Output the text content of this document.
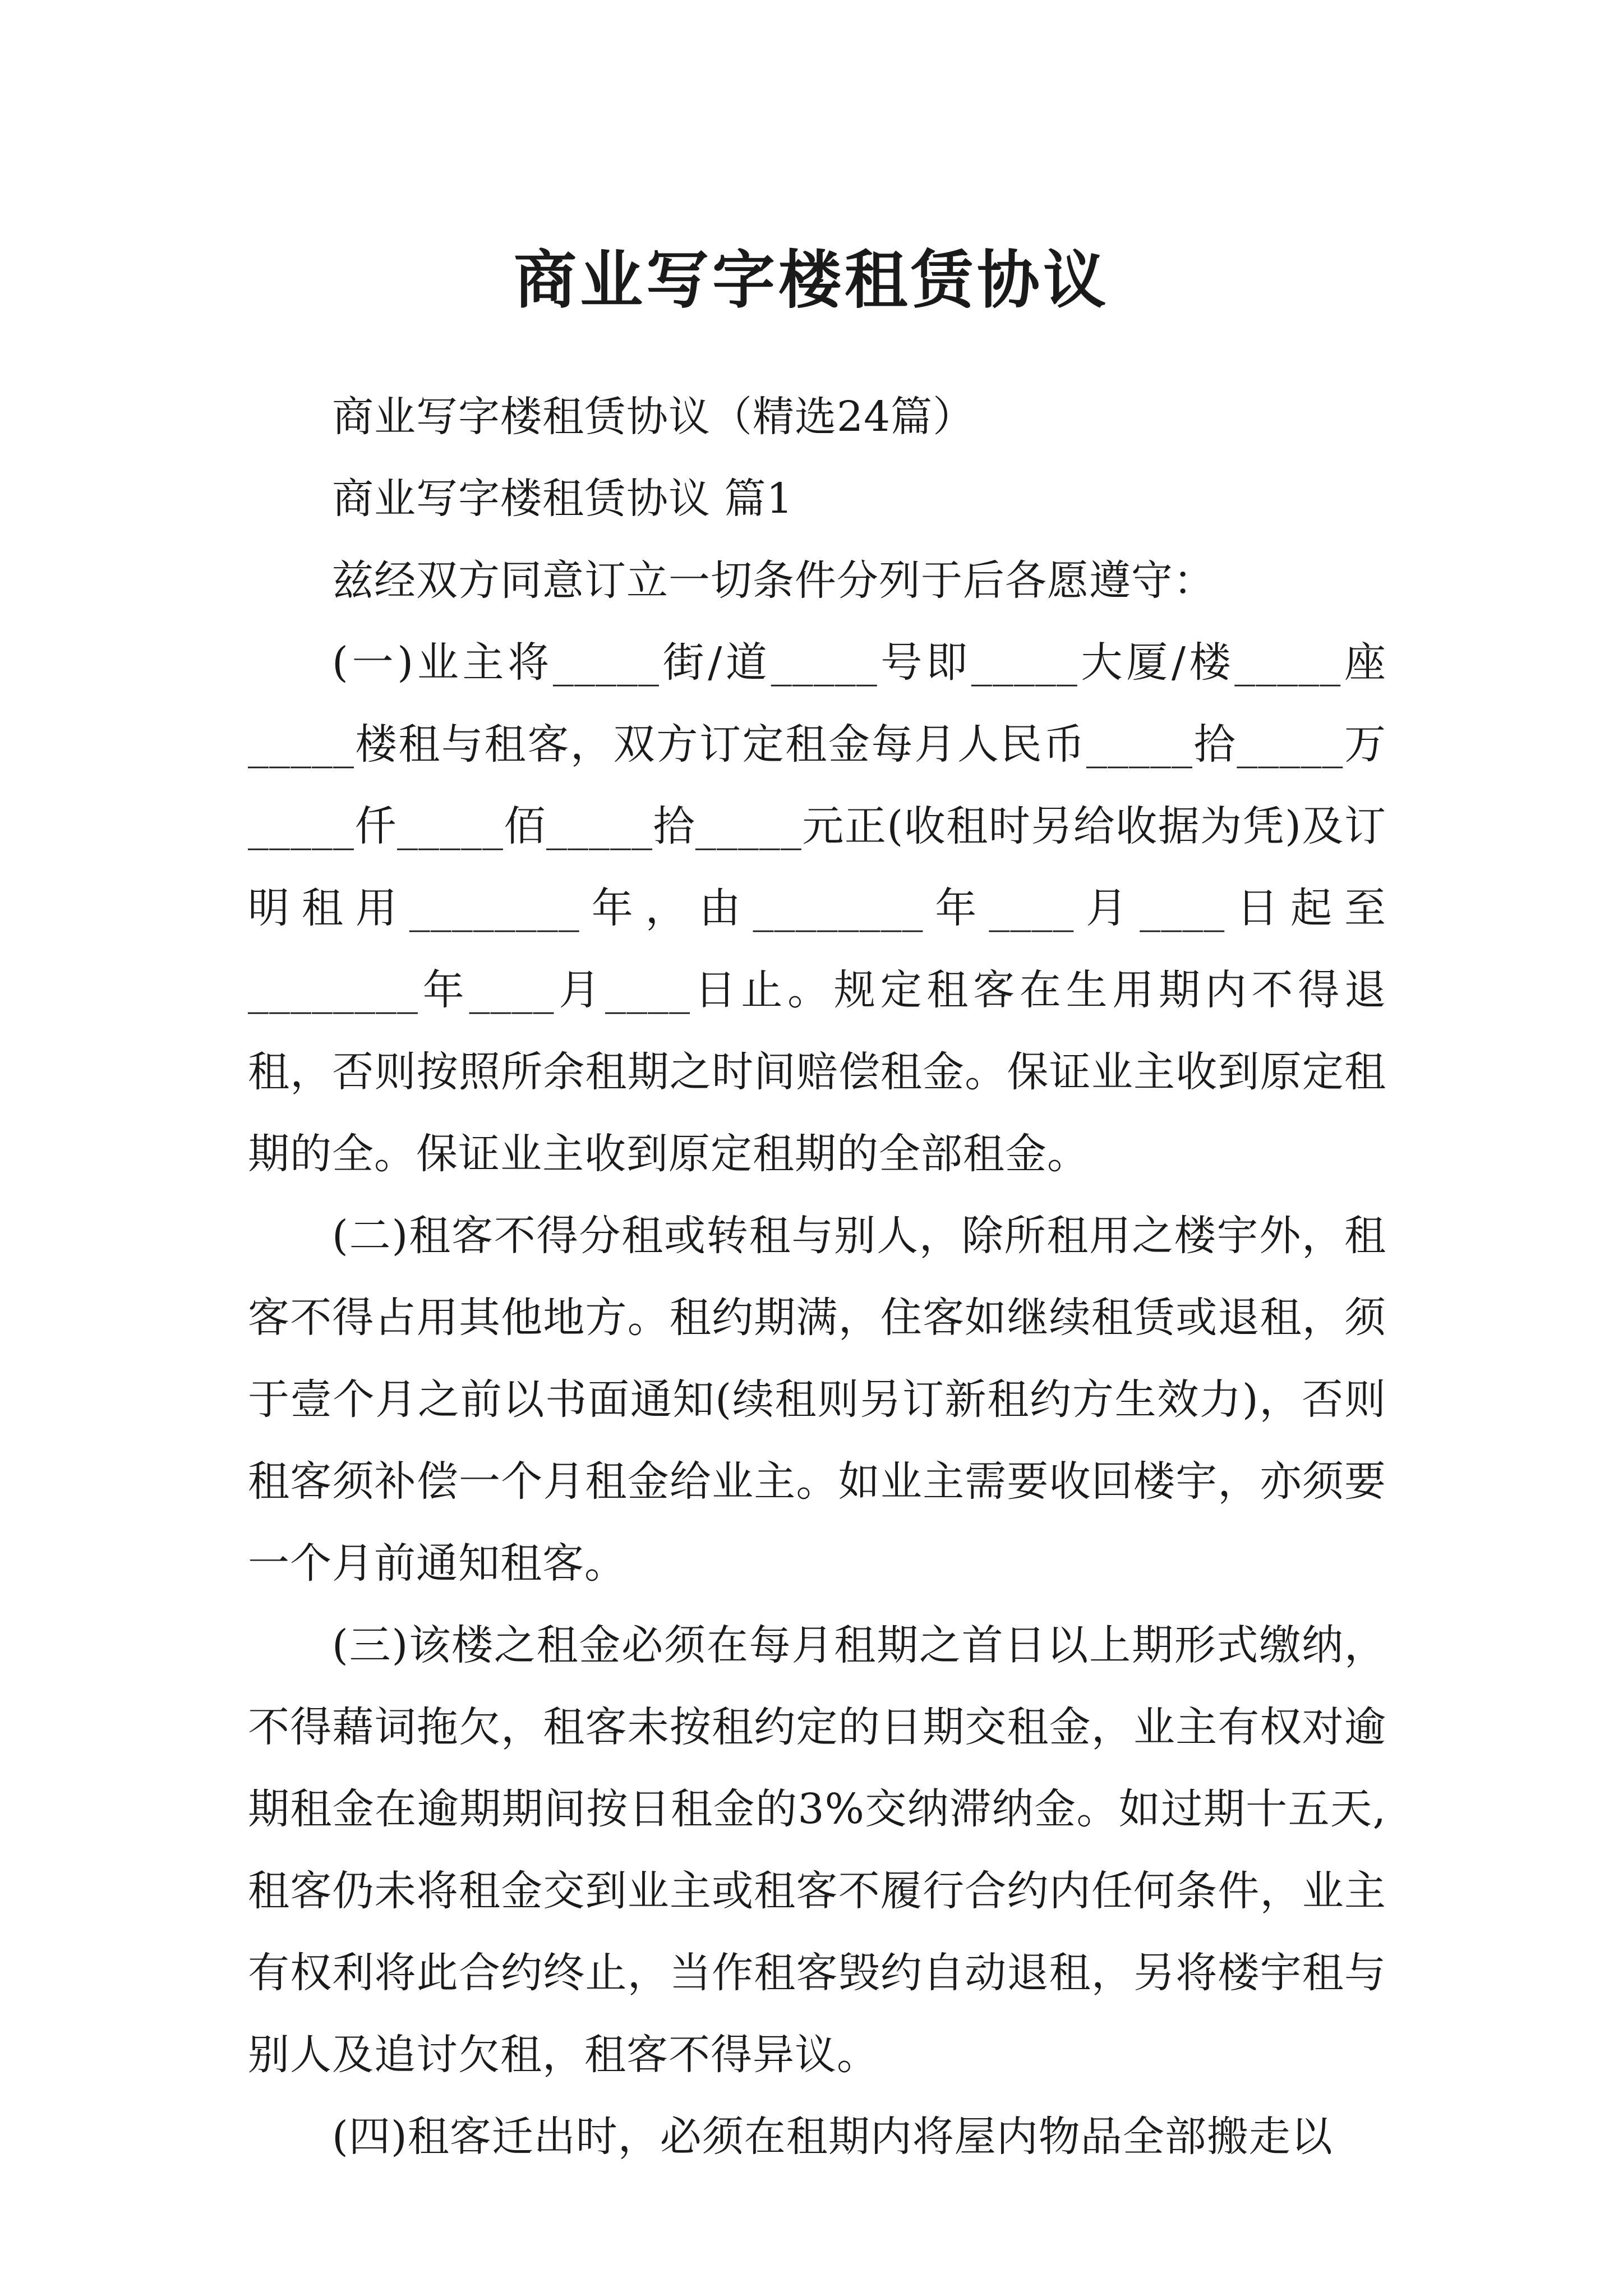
商业写字楼租赁协议

商业写字楼租赁协议（精选24篇）

商业写字楼租赁协议 篇1

兹经双方同意订立一切条件分列于后各愿遵守：

(一)业主将_____街/道_____号即_____大厦/楼_____座_____楼租与租客，双方订定租金每月人民币_____拾_____万_____仟_____佰_____拾_____元正(收租时另给收据为凭)及订明租用________年，由________年____月____日起至________年____月____日止。规定租客在生用期内不得退租，否则按照所余租期之时间赔偿租金。保证业主收到原定租期的全。保证业主收到原定租期的全部租金。

(二)租客不得分租或转租与别人，除所租用之楼宇外，租客不得占用其他地方。租约期满，住客如继续租赁或退租，须于壹个月之前以书面通知(续租则另订新租约方生效力)，否则租客须补偿一个月租金给业主。如业主需要收回楼宇，亦须要一个月前通知租客。

(三)该楼之租金必须在每月租期之首日以上期形式缴纳，不得藉词拖欠，租客未按租约定的日期交租金，业主有权对逾期租金在逾期期间按日租金的3%交纳滞纳金。如过期十五天,租客仍未将租金交到业主或租客不履行合约内任何条件，业主有权利将此合约终止，当作租客毁约自动退租，另将楼宇租与别人及追讨欠租，租客不得异议。

(四)租客迁出时，必须在租期内将屋内物品全部搬走以
